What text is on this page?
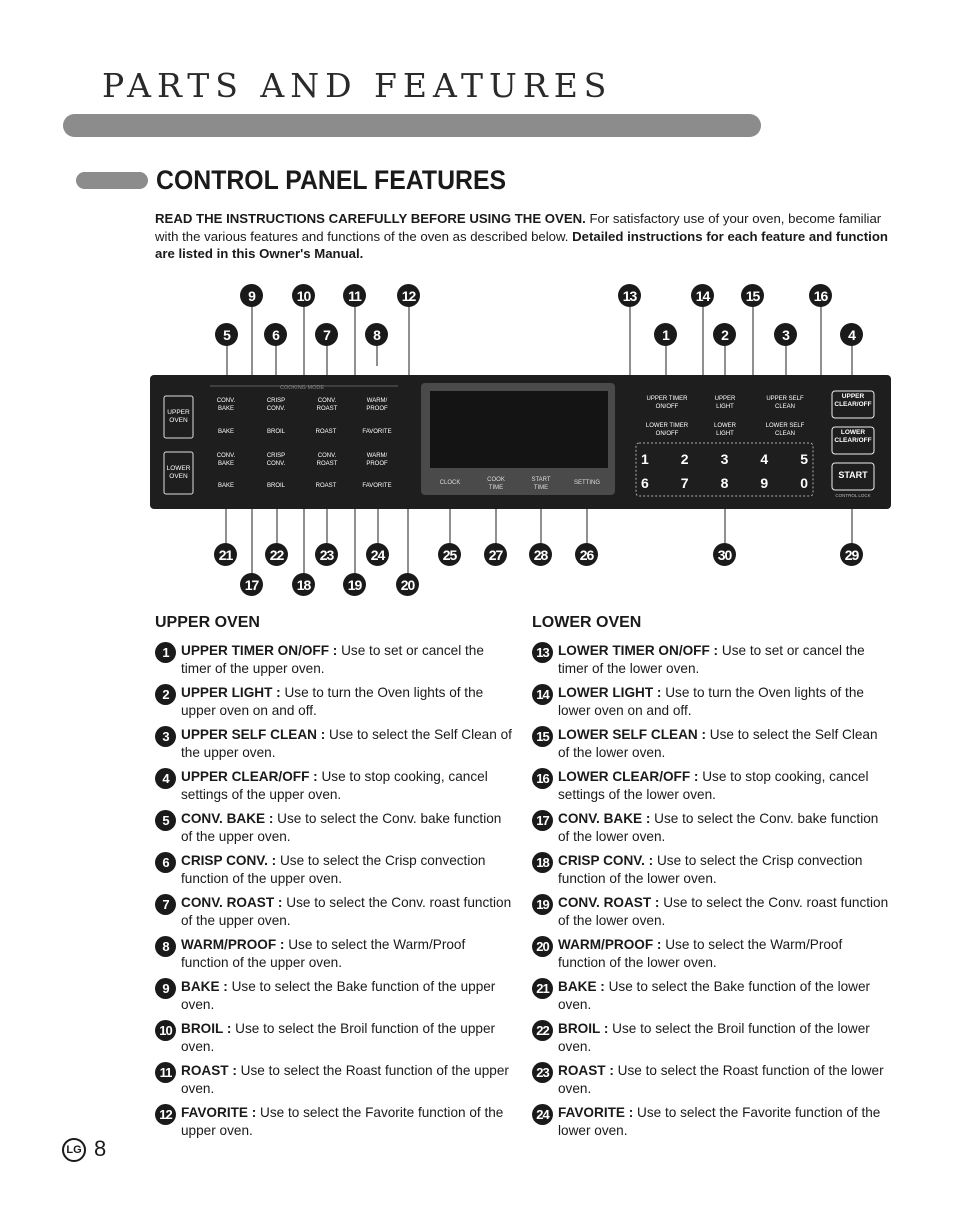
PARTS AND FEATURES
CONTROL PANEL FEATURES

READ THE INSTRUCTIONS CAREFULLY BEFORE USING THE OVEN. For satisfactory use of your oven, become familiar with the various features and functions of the oven as described below. Detailed instructions for each feature and function are listed in this Owner's Manual.

COOKING MODE
UPPER OVEN
LOWER OVEN
CONV. BAKE
CRISP CONV.
CONV. ROAST
WARM/ PROOF
BAKE	BROIL	ROAST	FAVORITE
CONV. BAKE
CRISP CONV.
CONV. ROAST
WARM/ PROOF
BAKE	BROIL	ROAST	FAVORITE	CLOCK	COOK TIME
START TIME
SETTING
UPPER TIMER ON/OFF
LOWER TIMER ON/OFF
UPPER LIGHT
LOWER LIGHT
UPPER SELF CLEAN
LOWER SELF CLEAN
1 2 3 4 5
6 7 8 9 0
UPPER CLEAR/OFF
LOWER CLEAR/OFF
START
CONTROL LOCK
9	10	11	12	13	14	15	16
5	6	7	8	1	2	3	4
21	22	23	24	25	27	28	26	30	29
17	18	19	20
UPPER OVEN
1 UPPER TIMER ON/OFF : Use to set or cancel the timer of the upper oven.
2 UPPER LIGHT : Use to turn the Oven lights of the upper oven on and off.
3 UPPER SELF CLEAN : Use to select the Self Clean of the upper oven.
4 UPPER CLEAR/OFF : Use to stop cooking, cancel settings of the upper oven.
5 CONV. BAKE : Use to select the Conv. bake function of the upper oven.
6 CRISP CONV. : Use to select the Crisp convection function of the upper oven.
7 CONV. ROAST : Use to select the Conv. roast function of the upper oven.
8 WARM/PROOF : Use to select the Warm/Proof function of the upper oven.
9 BAKE : Use to select the Bake function of the upper oven.
10 BROIL : Use to select the Broil function of the upper oven.
11 ROAST : Use to select the Roast function of the upper oven.
12 FAVORITE : Use to select the Favorite function of the upper oven.
LOWER OVEN
13 LOWER TIMER ON/OFF : Use to set or cancel the timer of the lower oven.
14 LOWER LIGHT : Use to turn the Oven lights of the lower oven on and off.
15 LOWER SELF CLEAN : Use to select the Self Clean of the lower oven.
16 LOWER CLEAR/OFF : Use to stop cooking, cancel settings of the lower oven.
17 CONV. BAKE : Use to select the Conv. bake function of the lower oven.
18 CRISP CONV. : Use to select the Crisp convection function of the lower oven.
19 CONV. ROAST : Use to select the Conv. roast function of the lower oven.
20 WARM/PROOF : Use to select the Warm/Proof function of the lower oven.
21 BAKE : Use to select the Bake function of the lower oven.
22 BROIL : Use to select the Broil function of the lower oven.
23 ROAST : Use to select the Roast function of the lower oven.
24 FAVORITE : Use to select the Favorite function of the lower oven.
LG 8
